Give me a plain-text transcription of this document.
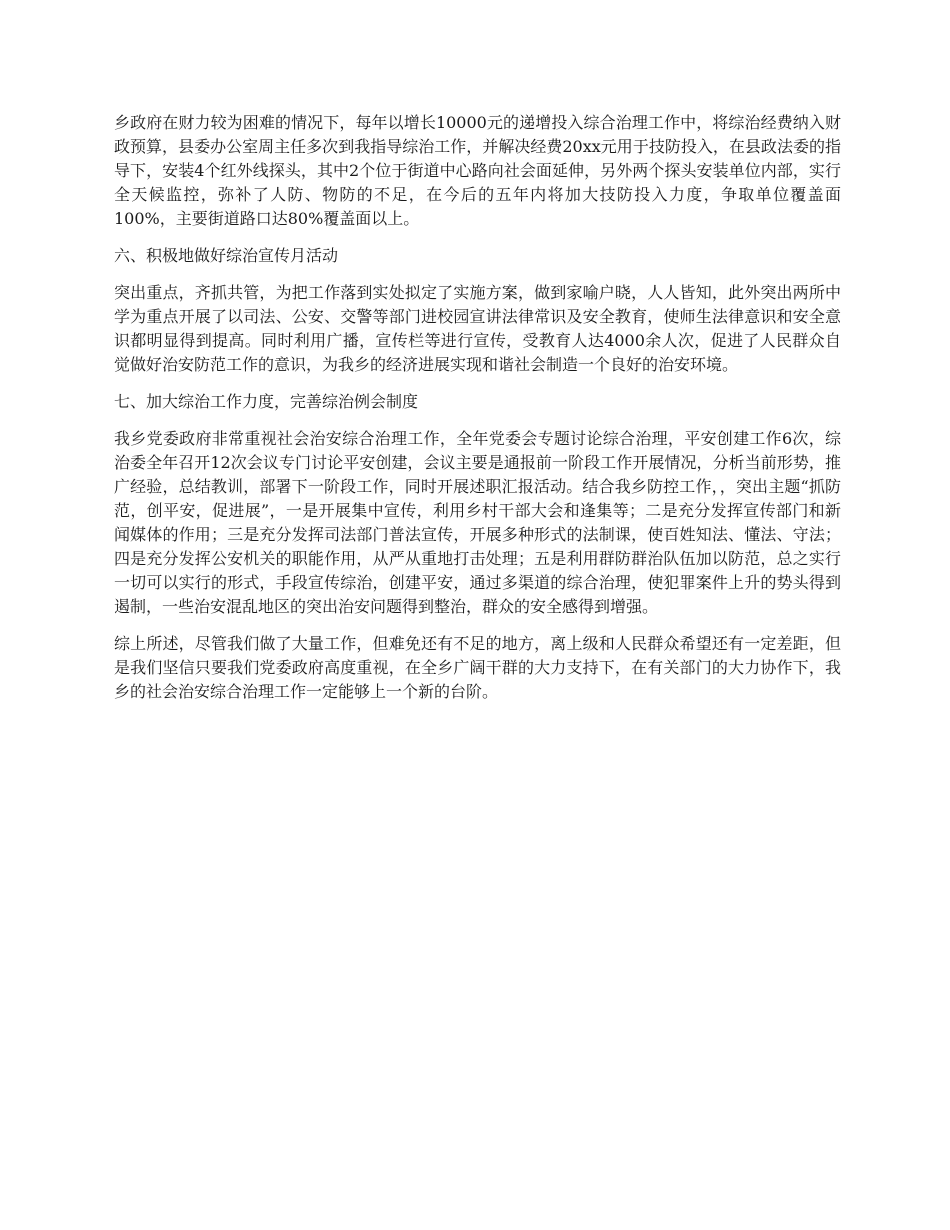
乡政府在财力较为困难的情况下，每年以增长10000元的递增投入综合治理工作中，将综治经费纳入财政预算，县委办公室周主任多次到我指导综治工作，并解决经费20xx元用于技防投入，在县政法委的指导下，安装4个红外线探头，其中2个位于街道中心路向社会面延伸，另外两个探头安装单位内部，实行全天候监控，弥补了人防、物防的不足，在今后的五年内将加大技防投入力度，争取单位覆盖面100%，主要街道路口达80%覆盖面以上。

六、积极地做好综治宣传月活动

突出重点，齐抓共管，为把工作落到实处拟定了实施方案，做到家喻户晓，人人皆知，此外突出两所中学为重点开展了以司法、公安、交警等部门进校园宣讲法律常识及安全教育，使师生法律意识和安全意识都明显得到提高。同时利用广播，宣传栏等进行宣传，受教育人达4000余人次，促进了人民群众自觉做好治安防范工作的意识，为我乡的经济进展实现和谐社会制造一个良好的治安环境。

七、加大综治工作力度，完善综治例会制度

我乡党委政府非常重视社会治安综合治理工作，全年党委会专题讨论综合治理，平安创建工作6次，综治委全年召开12次会议专门讨论平安创建，会议主要是通报前一阶段工作开展情况，分析当前形势，推广经验，总结教训，部署下一阶段工作，同时开展述职汇报活动。结合我乡防控工作，，突出主题“抓防范，创平安，促进展”，一是开展集中宣传，利用乡村干部大会和逢集等；二是充分发挥宣传部门和新闻媒体的作用；三是充分发挥司法部门普法宣传，开展多种形式的法制课，使百姓知法、懂法、守法；四是充分发挥公安机关的职能作用，从严从重地打击处理；五是利用群防群治队伍加以防范，总之实行一切可以实行的形式，手段宣传综治，创建平安，通过多渠道的综合治理，使犯罪案件上升的势头得到遏制，一些治安混乱地区的突出治安问题得到整治，群众的安全感得到增强。

综上所述，尽管我们做了大量工作，但难免还有不足的地方，离上级和人民群众希望还有一定差距，但是我们坚信只要我们党委政府高度重视，在全乡广阔干群的大力支持下，在有关部门的大力协作下，我乡的社会治安综合治理工作一定能够上一个新的台阶。
